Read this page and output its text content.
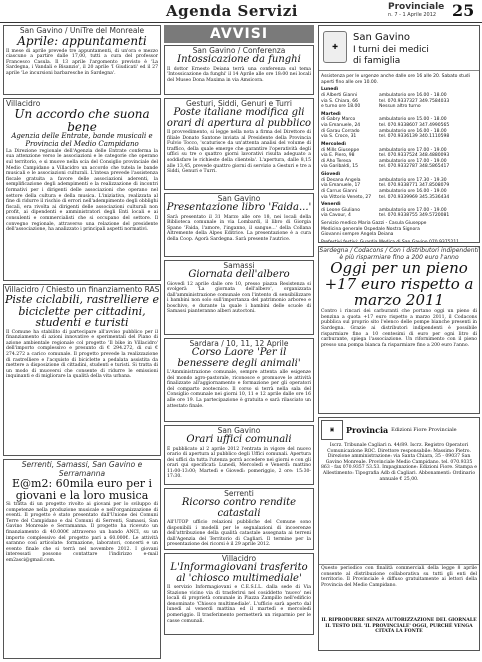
Agenda Servizi	Provinciale
n. 7 - 1 Aprile 2012 25
San Gavino / UniTre del Monreale
Aprile: appuntamenti
Il mese di aprile prevede tre appuntamenti, di un'ora e mezzo ciascuno a partire dalle 17,00, tutti a cura del professor Francesco Casula. Il 13 aprile l'argomento previsto è 'La Sardegna, i Vandali e Bisanzio', il 20 aprile 'I Giudicati' ed il 27 aprile 'Le incursioni barbaresche in Sardegna'.
Villacidro
Un accordo che suona bene
Agenzia delle Entrate, bande musicali e Provincia del Medio Campidano
La Direzione regionale dell'Agenzia delle Entrate conferma la sua attenzione verso le associazioni e le categorie che operano sul territorio, e si muove nella scia del Consiglio provinciale del Medio Campidano a Villacidro un accordo che tutela le bande musicali e le associazioni culturali. L'intesa prevede l'assistenza fiscale gratuita a favore delle associazioni aderenti, la semplificazione degli adempimenti e la realizzazione di incontri formativi per i dirigenti delle associazioni che operano nel settore della cultura e della musica. L'iniziativa, realizzata al fine di ridurre il rischio di errori nell'adempimento degli obblighi fiscali, era rivolta ai dirigenti delle associazioni culturali non profit, ai dipendenti e amministratori degli Enti locali e ai consulenti e commercialisti che si occupano del settore. Il convegno regionale, attraverso una relazione del presidente dell'associazione, ha analizzato i principali aspetti normativi.
Villacidro / Chiesto un finanziamento RAS
Piste ciclabili, rastrelliere e biciclette per cittadini, studenti e turisti
Il Comune ha stabilito di partecipare all'avviso pubblico per il finanziamento di azioni innovative e sperimentali del Piano di azione ambientale regionale col progetto 'Il bike in Villacidro' dell'importo complessivo e presunto di € 294.272, di cui € 274.272 a carico comunale. Il progetto prevede la realizzazione di rastrelliere e l'acquisto di biciclette a pedalata assistita da mettere a disposizione di cittadini, studenti e turisti. Si tratta di un modo di muoversi che consente di ridurre le emissioni inquinanti e di migliorare la qualità della vita urbana.
Serrenti, Samassi, San Gavino e Serramanna
E@m2: 60mila euro per i giovani e la loro musica
Si tratta di un progetto rivolto ai giovani per lo sviluppo di competenze nella produzione musicale e nell'organizzazione di eventi. Il progetto è stato presentato dall'Unione dei Comuni Terre del Campidano e dai Comuni di Serrenti, Samassi, San Gavino Monreale e Serramanna. Il progetto ha ricevuto un finanziamento di 40.000€ attraverso un bando ANCI, su un importo complessivo del progetto pari a 60.000€. Le attività saranno così articolate: formazione, laboratori, concerti e un evento finale che si terrà nel novembre 2012. I giovani interessati possono contattare l'indirizzo e-mail em2asci@gmail.com.
AVVISI
San Gavino / Conferenza
Intossicazione da funghi
Il dottor Ernesto Deiana terrà una conferenza sul tema 'Intossicazione da funghi' il 14 Aprile alle ore 18:00 nei locali del Museo Dona Maxima in via Amsicora.
Gesturi, Siddi, Genuri e Turri
Poste italiane modifica gli orari di apertura al pubblico
Il provvedimento, si legge nella nota a firma del Direttore di filiale Donato Santone inviata al Presidente della Provincia Fulvio Tocco, 'scaturisce da un'attenta analisi del volume di traffico, della quale emerge che garantire l'operatività degli uffici su tre o quattro giorni lavorativi risulta adeguato a soddisfare le richieste della clientela'. L'apertura, dalle 8,15 alle 13,45, prevede quattro giorni di servizio a Gesturi e tre a Siddi, Genuri e Turri.
San Gavino
Presentazione libro 'Faida...'
Sarà presentato il 31 Marzo alle ore 18, nei locali della Biblioteca comunale in via Lombardi, il libro di Giorgia Spano 'Faida, l'amore, l'inganno, il sangue...' della Collana Altremente della Alpes Editrice. La presentazione è a cura della Coop. Agorà Sardegna. Sarà presente l'autrice.
Samassi
Giornata dell'albero
Giovedì 12 aprile dalle ore 10, presso piazza Resistenza si svolgerà 'La giornata dell'albero', organizzata dall'amministrazione comunale con l'intento di sensibilizzare i bambini non solo sull'importanza del patrimonio arboreo e boschivo, e durante la quale i bambini delle scuole di Samassi pianteranno alberi autoctoni.
Sardara / 10, 11, 12 Aprile
Corso Laore 'Per il benessere degli animali'
L'Amministrazione comunale, sempre attenta alle esigenze del mondo agro-pastorale, riconosce e promuove le attività finalizzate all'aggiornamento e formazione per gli operatori del comparto zootecnico. Il corso si terrà nella sala del Consiglio comunale nei giorni 10, 11 e 12 aprile dalle ore 16 alle ore 19. La partecipazione è gratuita e sarà rilasciato un attestato finale.
San Gavino
Orari uffici comunali
È pubblicato al 2 aprile 2012 l'entrata in vigore del nuovo orario di apertura al pubblico degli Uffici comunali. Apertura dei uffici da tutta l'utenza porrà accedere nei giorni e con gli orari qui specificati: Lunedì, Mercoledì e Venerdì: mattino 11:00-13:00; Martedì e Giovedì: pomeriggio, 2 ore: 15:30-17:30.
Serrenti
Ricorso contro rendite catastali
All'UTOP ufficio relazioni pubbliche del Comune sono disponibili i modelli per le segnalazioni di incoerenze dell'attribuzione della qualità catastale assegnata ai terreni dall'Agenzia del Territorio di Cagliari. Il termine per la presentazione dei ricorsi è il 29 aprile 2012.
Villacidro
L'Informagiovani trasferito al 'chiosco multimediale'
Il servizio Informagiovani e C.E.S.I.L. dalla sede di Via Stazione vicino via di trasferirsi nel cosiddetto 'nuovo' nei locali di proprietà comunale in Piazza Zampillo nell'edificio denominato 'Chiosco multimediale'. L'ufficio sarà aperto dal lunedì al venerdì mattina ed il martedì e mercoledì pomeriggio. Il trasferimento permetterà un risparmio per le casse comunali.
✚
San Gavino
I turni dei medici
di famiglia
Assistenza per le urgenze anche dalle ore 16 alle 20. Sabato studi aperti fino alle ore 10.00.
Lunedì
di Alberti Gianni	ambulatorio ore 16.00 - 18.00
via S. Chiara, 66	tel. 070.9337327 349.7584033
e turno ore 18.00	Nessun altro turno
Martedì
di Gabry Marco	ambulatorio ore 15.00 - 18.00
via Emanuele, 24	tel. 070.9338607 347.4990565
di Garau Corrado	ambulatorio ore 16.00 - 18.00
via S. Croce, 31	tel. 070.9336139 340.1110598
Mercoledì
di Mills Giuseppe	ambulatorio ore 17.00 - 19.00
via E. Piero, 98	tel. 070.9337524 348.4880093
di Aho Teresa	ambulatorio ore 17.00 - 19.00
via Garibaldi, 15	tel. 070.9332787 348.5865417
Giovedì
di Desana Angela	ambulatorio ore 17.30 - 19.30
via Emanuele, 17	tel. 070.9338771 347.8508079
di Carrus Gianni	ambulatorio ore 16.00 - 19.00
via Vittorio Veneto, 27	tel. 070.9339969 345.3536434
Venerdì
di Leone Giuliano	ambulatorio ore 17.00 - 19.00
via Cavour, 4	tel. 070.9338755 349.5720081
Servizio medico Maria Gazzi - Casula Giuseppe
Medicina generale Ospedale Nostra Signora
Giovanni sempre Angela Deiana
Prefestivi festivi: Guardia Medica di San Gavino 070 9375211.
Sardegna / Codacons / Con i distributori indipendenti è più risparmiare fino a 200 euro l'anno
Oggi per un pieno +17 euro rispetto a marzo 2011
Contro i rincari dei carburanti che portano oggi un pieno di benzina a quota +17 euro rispetto a marzo 2011, il Codacons pubblica sul proprio sito l'elenco delle pompe bianche presenti in Sardegna. Grazie ai distributori indipendenti è possibile risparmiare fino a 10 centesimi di euro per ogni litro di carburante, spiega l'associazione. Un rifornimento con il pieno presso una pompa bianca fa risparmiare fino a 200 euro l'anno.
▣	Provincia Edizioni Fiore Provinciale
Iscrz. Tribunale Cagliari n. 44/89. Iscrz. Registro Operatori Comunicazione ROC. Direttore responsabile: Massimo Pietro. Direzione amministrazione: via Santa Chiara, 35 - 09037 San Gavino Monreale. Provinciale Medio Campidano. tel. 070.9335 863 - fax 070.9357 53.53. Impaginazione: Edizioni Fiore. Stampa e Allestimento: Tipografia Adb di Cagliari. Abbonamenti: Ordinario annuale € 25,00.
Questo periodico con finalità commerciali della legge 8 aprile consente al distribuzione collaborativa su tutti gli enti del territorio. Il Provinciale è diffuso gratuitamente ai lettori della Provincia del Medio Campidano.
IL RIPRODURRE SENZA AUTORIZZAZIONE DEL GIORNALE IL TESTO DEL 'IL PROVINCIALE' OGGI, PURCHÉ VENGA CITATA LA FONTE
